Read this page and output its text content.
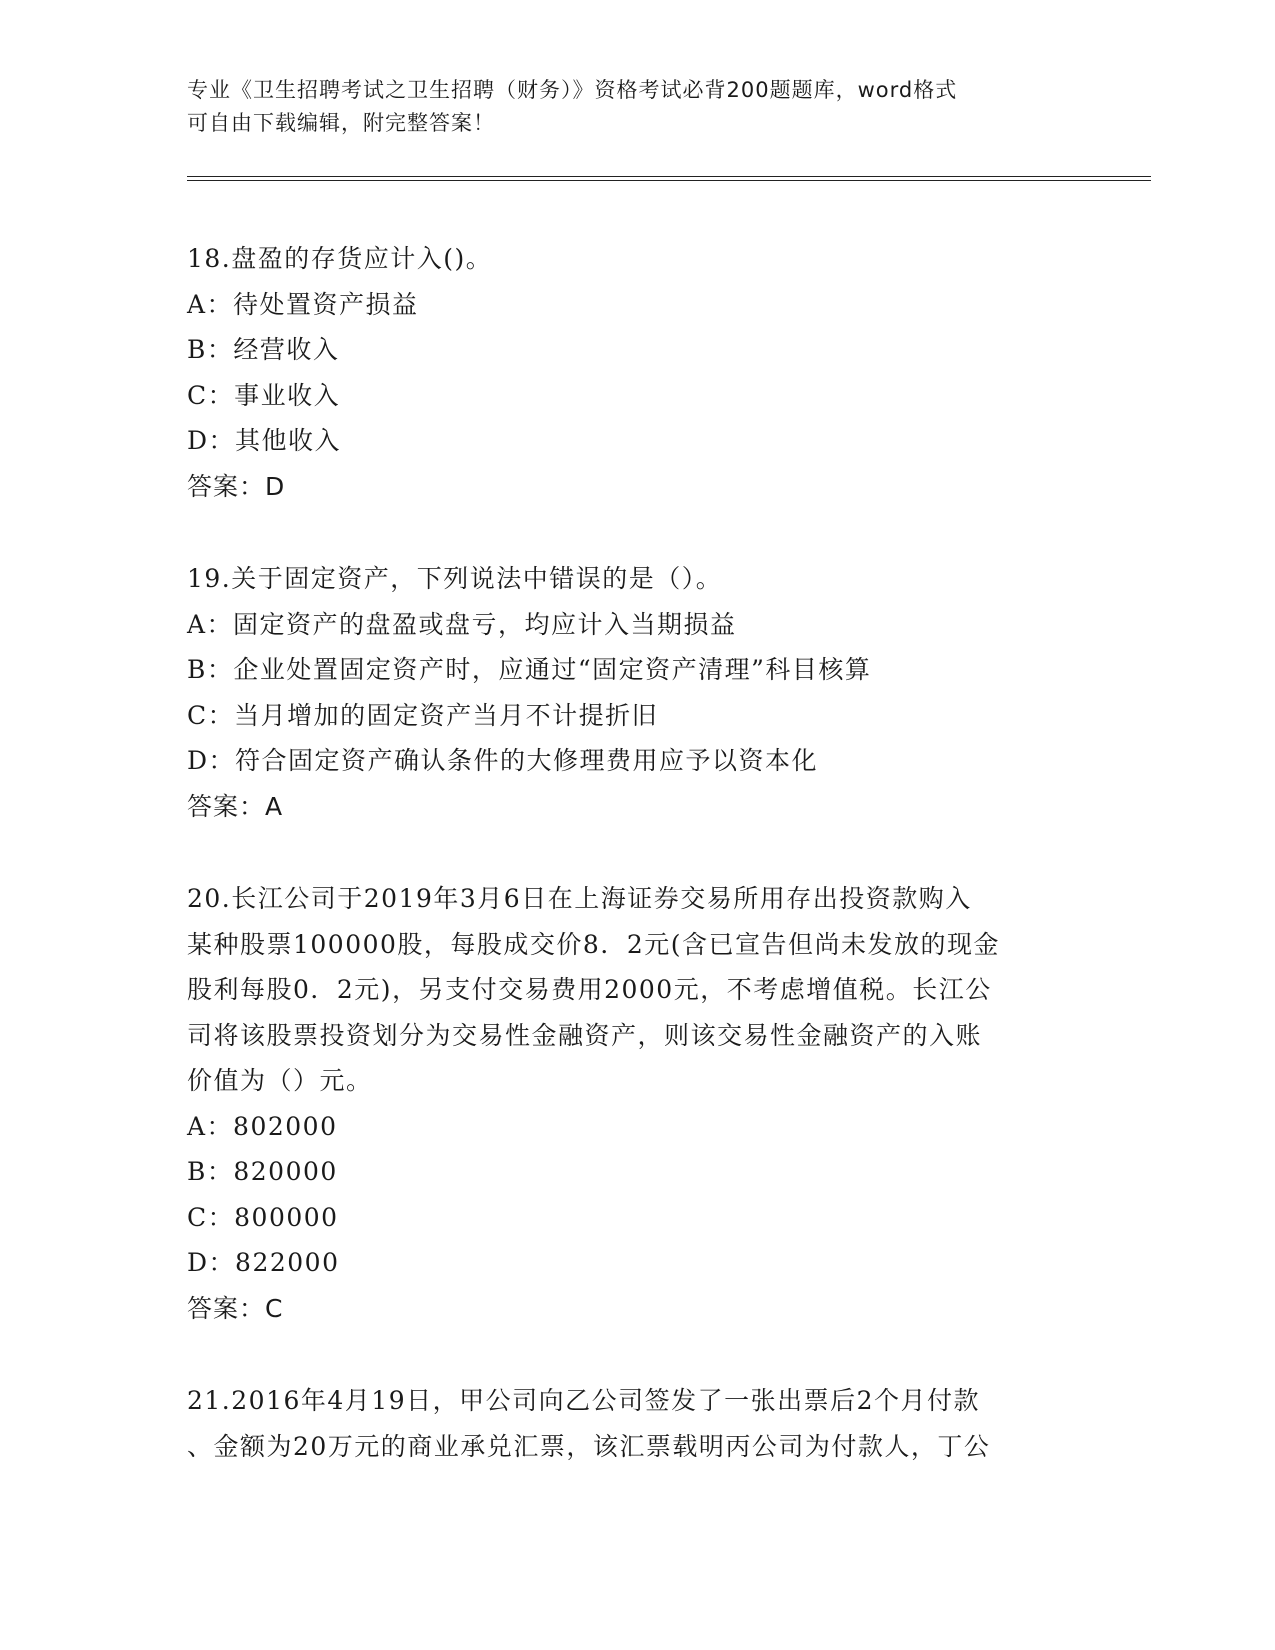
专业《卫生招聘考试之卫生招聘（财务）》资格考试必背200题题库，word格式
可自由下载编辑，附完整答案！
18.盘盈的存货应计入()。
A：待处置资产损益
B：经营收入
C：事业收入
D：其他收入
答案：D
19.关于固定资产，下列说法中错误的是（）。
A：固定资产的盘盈或盘亏，均应计入当期损益
B：企业处置固定资产时，应通过“固定资产清理”科目核算
C：当月增加的固定资产当月不计提折旧
D：符合固定资产确认条件的大修理费用应予以资本化
答案：A
20.长江公司于2019年3月6日在上海证券交易所用存出投资款购入
某种股票100000股，每股成交价8．2元(含已宣告但尚未发放的现金
股利每股0．2元)，另支付交易费用2000元，不考虑增值税。长江公
司将该股票投资划分为交易性金融资产，则该交易性金融资产的入账
价值为（）元。
A：802000
B：820000
C：800000
D：822000
答案：C
21.2016年4月19日，甲公司向乙公司签发了一张出票后2个月付款
、金额为20万元的商业承兑汇票，该汇票载明丙公司为付款人，丁公
